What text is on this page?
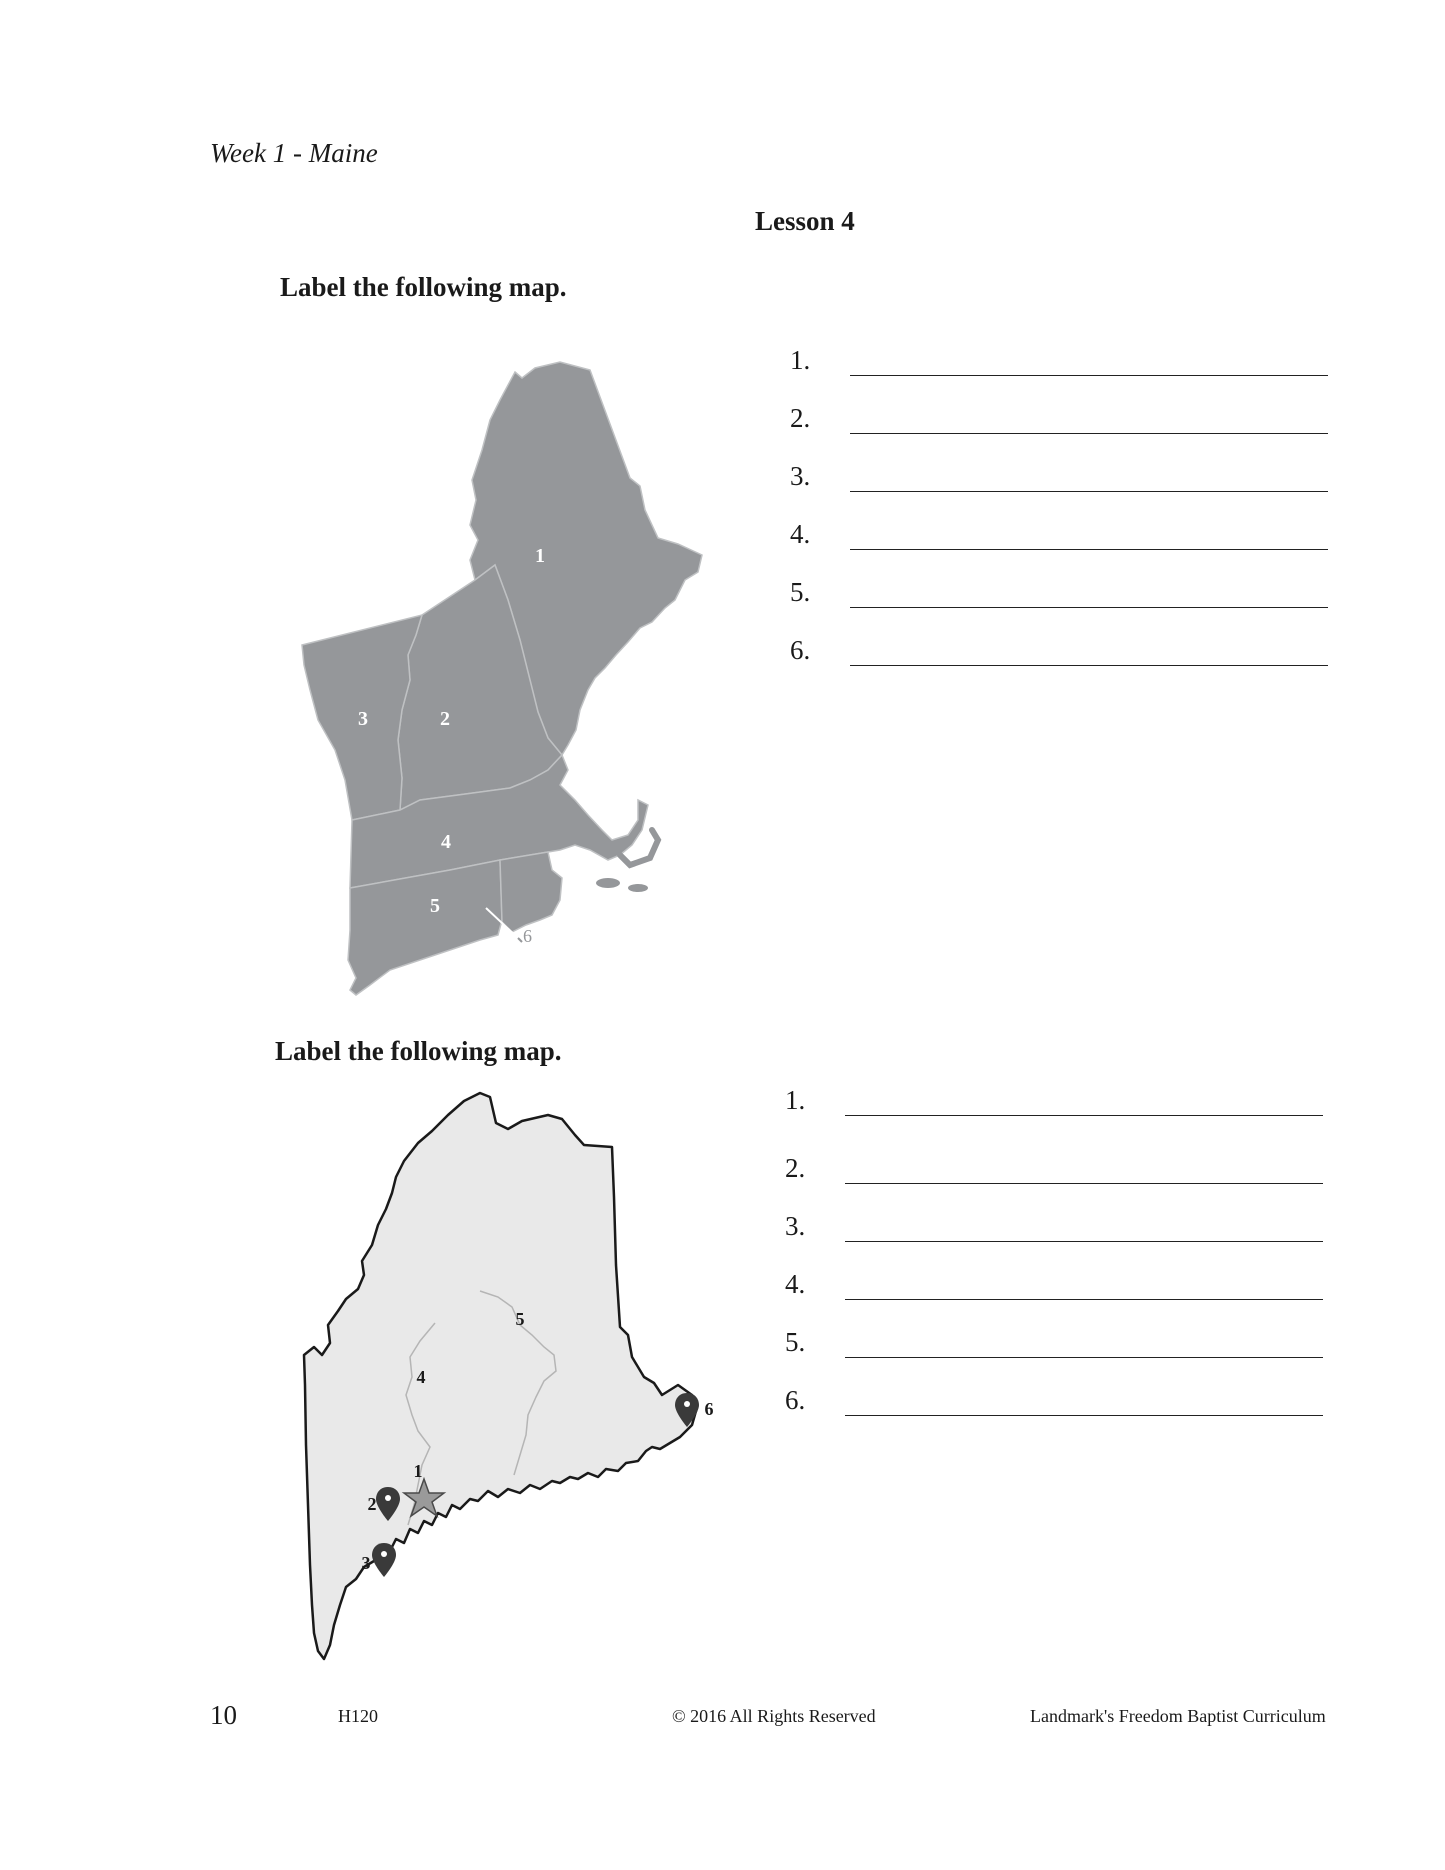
Week 1 - Maine
Lesson 4
Label the following map.
1
2
3
4
5
6
1.
2.
3.
4.
5.
6.
Label the following map.
1
2
3
4
5
6
1.
2.
3.
4.
5.
6.
10	H120	© 2016 All Rights Reserved	Landmark's Freedom Baptist Curriculum
